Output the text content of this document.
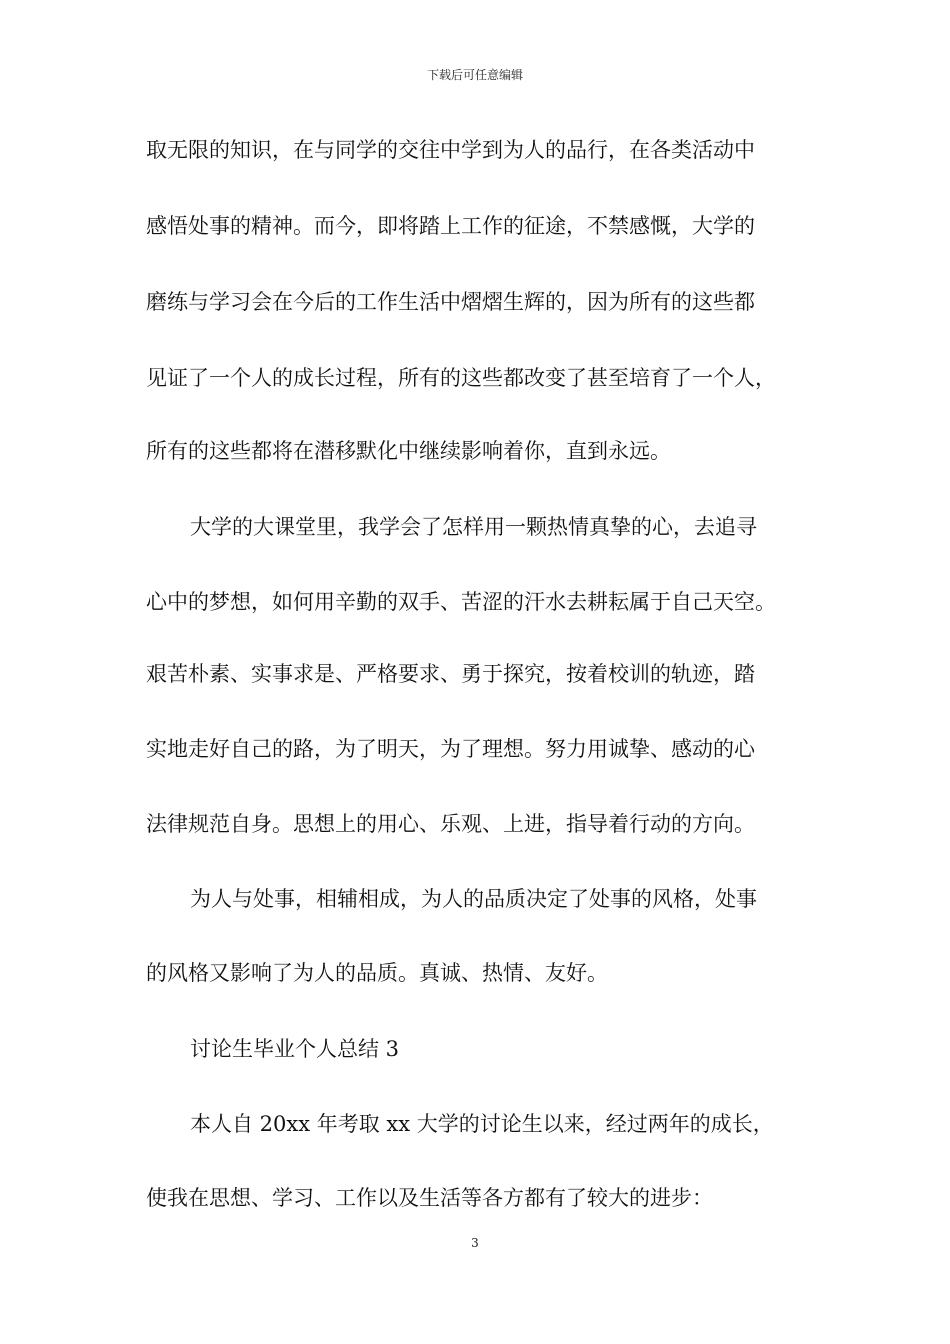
下载后可任意编辑
取无限的知识，在与同学的交往中学到为人的品行，在各类活动中
感悟处事的精神。而今，即将踏上工作的征途，不禁感慨，大学的
磨练与学习会在今后的工作生活中熠熠生辉的，因为所有的这些都
见证了一个人的成长过程，所有的这些都改变了甚至培育了一个人，
所有的这些都将在潜移默化中继续影响着你，直到永远。
大学的大课堂里，我学会了怎样用一颗热情真挚的心，去追寻
心中的梦想，如何用辛勤的双手、苦涩的汗水去耕耘属于自己天空。
艰苦朴素、实事求是、严格要求、勇于探究，按着校训的轨迹，踏
实地走好自己的路，为了明天，为了理想。努力用诚挚、感动的心
法律规范自身。思想上的用心、乐观、上进，指导着行动的方向。
为人与处事，相辅相成，为人的品质决定了处事的风格，处事
的风格又影响了为人的品质。真诚、热情、友好。
讨论生毕业个人总结 3
本人自 20xx 年考取 xx 大学的讨论生以来，经过两年的成长，
使我在思想、学习、工作以及生活等各方都有了较大的进步：
3
